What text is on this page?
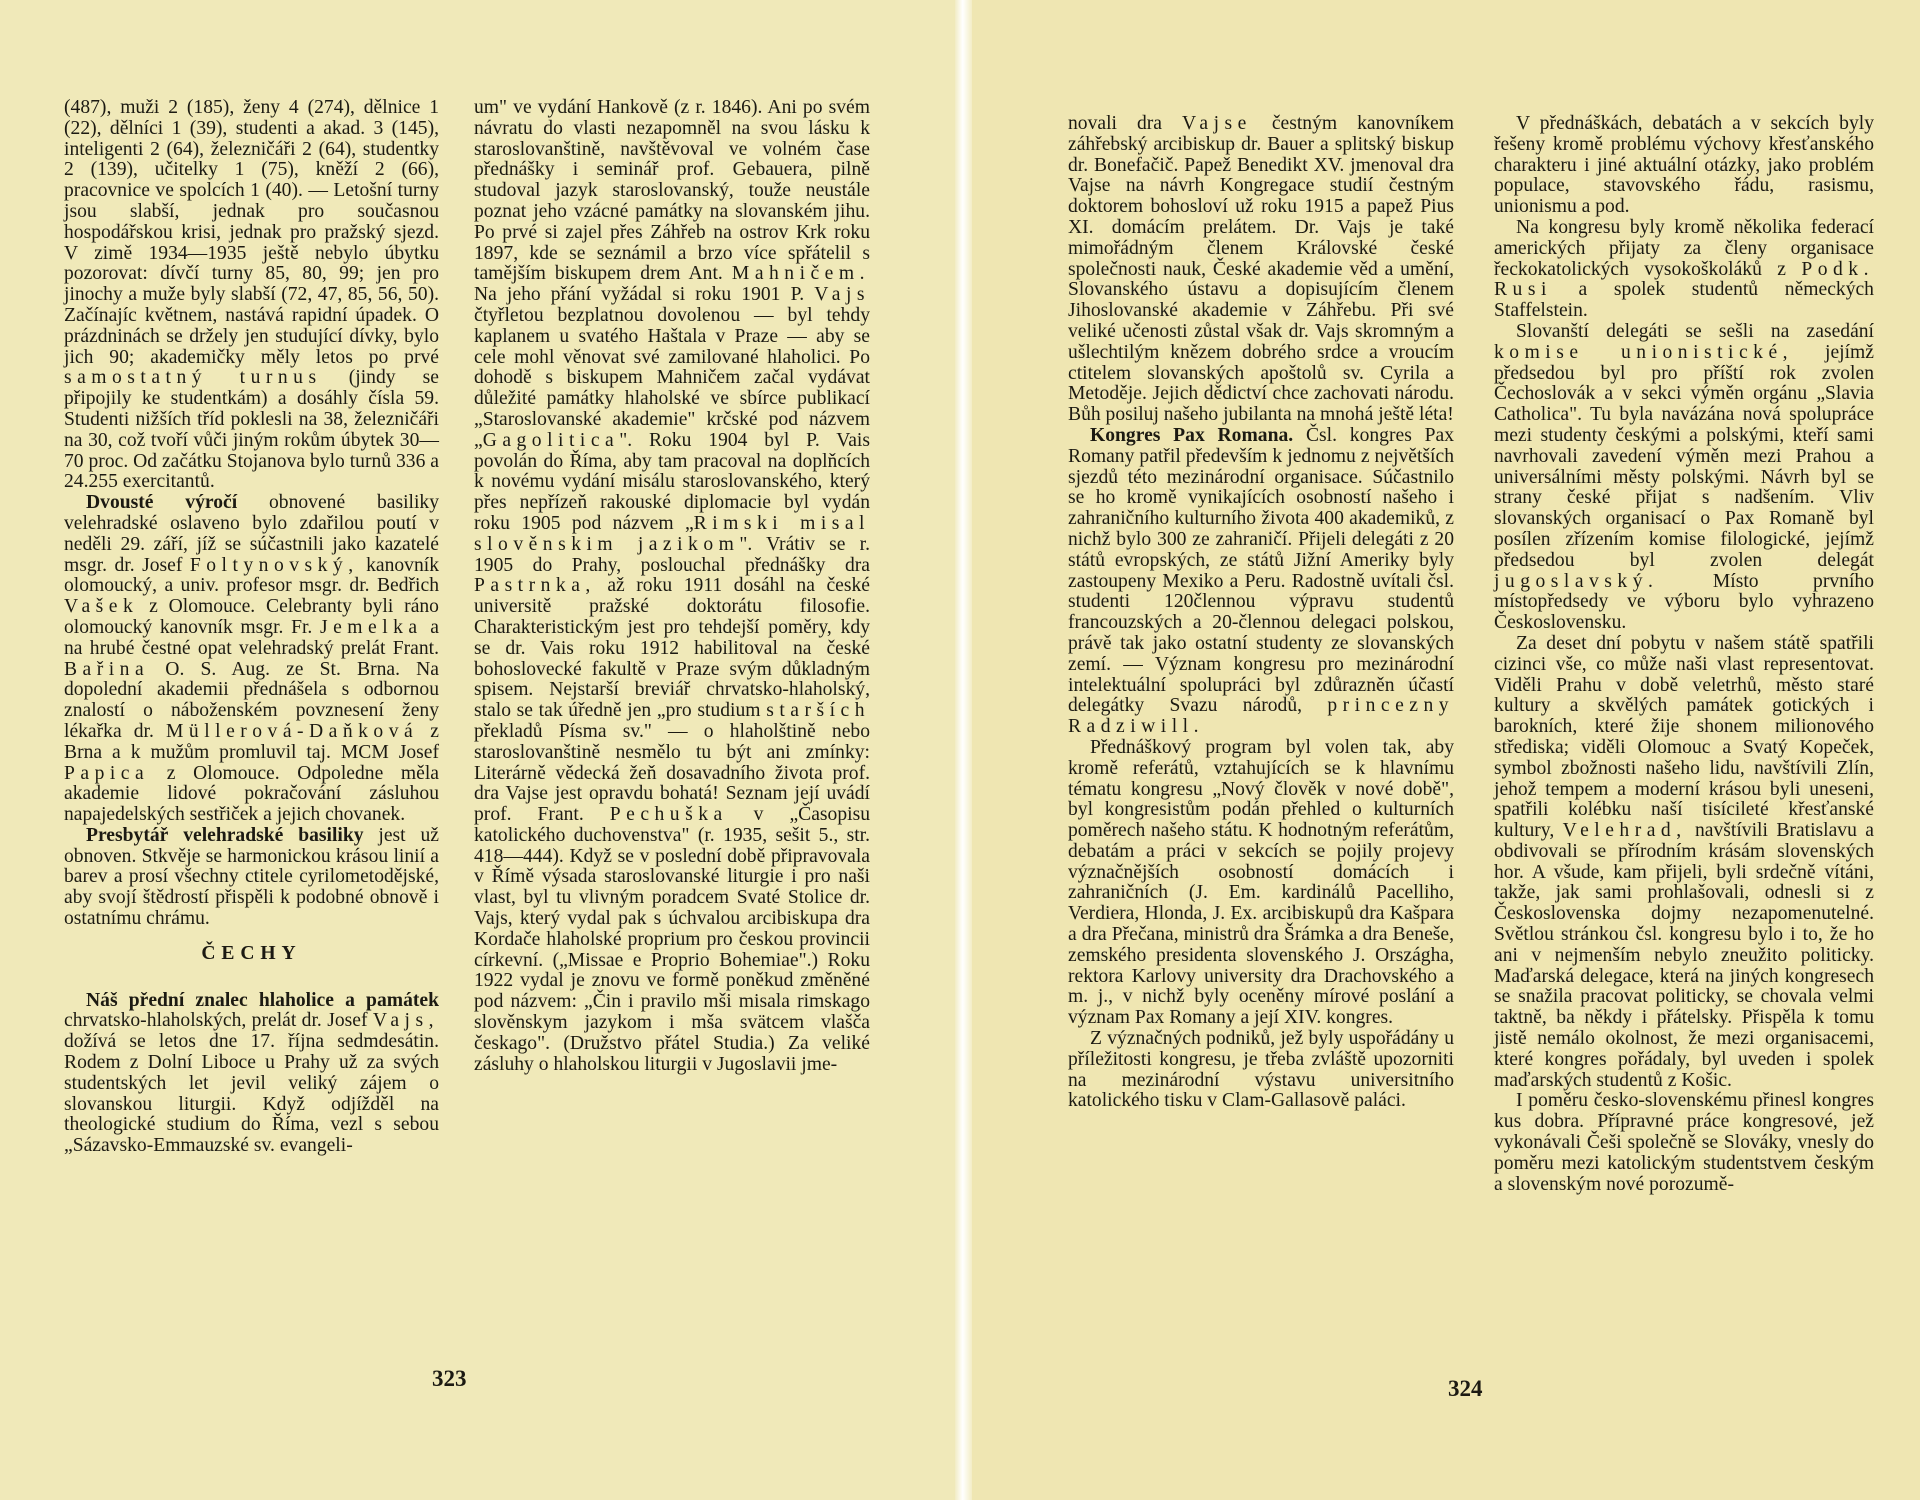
(487), muži 2 (185), ženy 4 (274), dělnice 1 (22), dělníci 1 (39), studenti a akad. 3 (145), inteligenti 2 (64), železničáři 2 (64), studentky 2 (139), učitelky 1 (75), kněží 2 (66), pracovnice ve spolcích 1 (40). — Letošní turny jsou slabší, jednak pro současnou hospodářskou krisi, jednak pro pražský sjezd. V zimě 1934—1935 ještě nebylo úbytku pozorovat: dívčí turny 85, 80, 99; jen pro jinochy a muže byly slabší (72, 47, 85, 56, 50). Začínajíc květnem, nastává rapidní úpadek. O prázdninách se držely jen studující dívky, bylo jich 90; akademičky měly letos po prvé samostatný turnus (jindy se připojily ke studentkám) a dosáhly čísla 59. Studenti nižších tříd poklesli na 38, železničáři na 30, což tvoří vůči jiným rokům úbytek 30—70 proc. Od začátku Stojanova bylo turnů 336 a 24.255 exercitantů.

Dvousté výročí obnovené basiliky velehradské oslaveno bylo zdařilou poutí v neděli 29. září, jíž se súčastnili jako kazatelé msgr. dr. Josef Foltynovský, kanovník olomoucký, a univ. profesor msgr. dr. Bedřich Vašek z Olomouce. Celebranty byli ráno olomoucký kanovník msgr. Fr. Jemelka a na hrubé čestné opat velehradský prelát Frant. Bařina O. S. Aug. ze St. Brna. Na dopolední akademii přednášela s odbornou znalostí o náboženském povznesení ženy lékařka dr. Müllerová-Daňková z Brna a k mužům promluvil taj. MCM Josef Papica z Olomouce. Odpoledne měla akademie lidové pokračování zásluhou napajedelských sestřiček a jejich chovanek.

Presbytář velehradské basiliky jest už obnoven. Stkvěje se harmonickou krásou linií a barev a prosí všechny ctitele cyrilometodějské, aby svojí štědrostí přispěli k podobné obnově i ostatnímu chrámu.

ČECHY

Náš přední znalec hlaholice a památek chrvatsko-hlaholských, prelát dr. Josef Vajs, dožívá se letos dne 17. října sedmdesátin. Rodem z Dolní Liboce u Prahy už za svých studentských let jevil veliký zájem o slovanskou liturgii. Když odjížděl na theologické studium do Říma, vezl s sebou „Sázavsko-Emmauzské sv. evangeli-

um" ve vydání Hankově (z r. 1846). Ani po svém návratu do vlasti nezapomněl na svou lásku k staroslovanštině, navštěvoval ve volném čase přednášky i seminář prof. Gebauera, pilně studoval jazyk staroslovanský, touže neustále poznat jeho vzácné památky na slovanském jihu. Po prvé si zajel přes Záhřeb na ostrov Krk roku 1897, kde se seznámil a brzo více spřátelil s tamějším biskupem drem Ant. Mahničem. Na jeho přání vyžádal si roku 1901 P. Vajs čtyřletou bezplatnou dovolenou — byl tehdy kaplanem u svatého Haštala v Praze — aby se cele mohl věnovat své zamilované hlaholici. Po dohodě s biskupem Mahničem začal vydávat důležité památky hlaholské ve sbírce publikací „Staroslovanské akademie" krčské pod názvem „Gagolitica". Roku 1904 byl P. Vais povolán do Říma, aby tam pracoval na doplňcích k novému vydání misálu staroslovanského, který přes nepřízeň rakouské diplomacie byl vydán roku 1905 pod názvem „Rimski misal slověnskim jazikom". Vrátiv se r. 1905 do Prahy, poslouchal přednášky dra Pastrnka, až roku 1911 dosáhl na české universitě pražské doktorátu filosofie. Charakteristickým jest pro tehdejší poměry, kdy se dr. Vais roku 1912 habilitoval na české bohoslovecké fakultě v Praze svým důkladným spisem. Nejstarší breviář chrvatsko-hlaholský, stalo se tak úředně jen „pro studium starších překladů Písma sv." — o hlaholštině nebo staroslovanštině nesmělo tu být ani zmínky: Literárně vědecká žeň dosavadního života prof. dra Vajse jest opravdu bohatá! Seznam její uvádí prof. Frant. Pechuška v „Časopisu katolického duchovenstva" (r. 1935, sešit 5., str. 418—444). Když se v poslední době připravovala v Římě výsada staroslovanské liturgie i pro naši vlast, byl tu vlivným poradcem Svaté Stolice dr. Vajs, který vydal pak s úchvalou arcibiskupa dra Kordače hlaholské proprium pro českou provincii církevní. („Missae e Proprio Bohemiae".) Roku 1922 vydal je znovu ve formě poněkud změněné pod názvem: „Čin i pravilo mši misala rimskago slověnskym jazykom i mša svätcem vlašča českago". (Družstvo přátel Studia.) Za veliké zásluhy o hlaholskou liturgii v Jugoslavii jme-

323

novali dra Vajse čestným kanovníkem záhřebský arcibiskup dr. Bauer a splitský biskup dr. Bonefačič. Papež Benedikt XV. jmenoval dra Vajse na návrh Kongregace studií čestným doktorem bohosloví už roku 1915 a papež Pius XI. domácím prelátem. Dr. Vajs je také mimořádným členem Královské české společnosti nauk, České akademie věd a umění, Slovanského ústavu a dopisujícím členem Jihoslovanské akademie v Záhřebu. Při své veliké učenosti zůstal však dr. Vajs skromným a ušlechtilým knězem dobrého srdce a vroucím ctitelem slovanských apoštolů sv. Cyrila a Metoděje. Jejich dědictví chce zachovati národu. Bůh posiluj našeho jubilanta na mnohá ještě léta!

Kongres Pax Romana. Čsl. kongres Pax Romany patřil především k jednomu z největších sjezdů této mezinárodní organisace. Súčastnilo se ho kromě vynikajících osobností našeho i zahraničního kulturního života 400 akademiků, z nichž bylo 300 ze zahraničí. Přijeli delegáti z 20 států evropských, ze států Jižní Ameriky byly zastoupeny Mexiko a Peru. Radostně uvítali čsl. studenti 120člennou výpravu studentů francouzských a 20-člennou delegaci polskou, právě tak jako ostatní studenty ze slovanských zemí. — Význam kongresu pro mezinárodní intelektuální spolupráci byl zdůrazněn účastí delegátky Svazu národů, princezny Radziwill.

Přednáškový program byl volen tak, aby kromě referátů, vztahujících se k hlavnímu tématu kongresu „Nový člověk v nové době", byl kongresistům podán přehled o kulturních poměrech našeho státu. K hodnotným referátům, debatám a práci v sekcích se pojily projevy význačnějších osobností domácích i zahraničních (J. Em. kardinálů Pacelliho, Verdiera, Hlonda, J. Ex. arcibiskupů dra Kašpara a dra Přečana, ministrů dra Šrámka a dra Beneše, zemského presidenta slovenského J. Országha, rektora Karlovy university dra Drachovského a m. j., v nichž byly oceněny mírové poslání a význam Pax Romany a její XIV. kongres.

Z význačných podniků, jež byly uspořádány u příležitosti kongresu, je třeba zvláště upozorniti na mezinárodní výstavu universitního katolického tisku v Clam-Gallasově paláci.

V přednáškách, debatách a v sekcích byly řešeny kromě problému výchovy křesťanského charakteru i jiné aktuální otázky, jako problém populace, stavovského řádu, rasismu, unionismu a pod.

Na kongresu byly kromě několika federací amerických přijaty za členy organisace řeckokatolických vysokoškoláků z Podk. Rusi a spolek studentů německých Staffelstein.

Slovanští delegáti se sešli na zasedání komise unionistické, jejímž předsedou byl pro příští rok zvolen Čechoslovák a v sekci výměn orgánu „Slavia Catholica". Tu byla navázána nová spolupráce mezi studenty českými a polskými, kteří sami navrhovali zavedení výměn mezi Prahou a universálními městy polskými. Návrh byl se strany české přijat s nadšením. Vliv slovanských organisací o Pax Romaně byl posílen zřízením komise filologické, jejímž předsedou byl zvolen delegát jugoslavský.	Místo prvního místopředsedy ve výboru bylo vyhrazeno Československu.

Za deset dní pobytu v našem státě spatřili cizinci vše, co může naši vlast representovat. Viděli Prahu v době veletrhů, město staré kultury a skvělých památek gotických i barokních, které žije shonem milionového střediska; viděli Olomouc a Svatý Kopeček, symbol zbožnosti našeho lidu, navštívili Zlín, jehož tempem a moderní krásou byli uneseni, spatřili kolébku naší tisícileté křesťanské kultury, Velehrad, navštívili Bratislavu a obdivovali se přírodním krásám slovenských hor. A všude, kam přijeli, byli srdečně vítáni, takže, jak sami prohlašovali, odnesli si z Československa dojmy nezapomenutelné. Světlou stránkou čsl. kongresu bylo i to, že ho ani v nejmenším nebylo zneužito politicky. Maďarská delegace, která na jiných kongresech se snažila pracovat politicky, se chovala velmi taktně, ba někdy i přátelsky. Přispěla k tomu jistě nemálo okolnost, že mezi organisacemi, které kongres pořádaly, byl uveden i spolek maďarských studentů z Košic.

I poměru česko-slovenskému přinesl kongres kus dobra. Přípravné práce kongresové, jež vykonávali Češi společně se Slováky, vnesly do poměru mezi katolickým studentstvem českým a slovenským nové porozumě-

324
